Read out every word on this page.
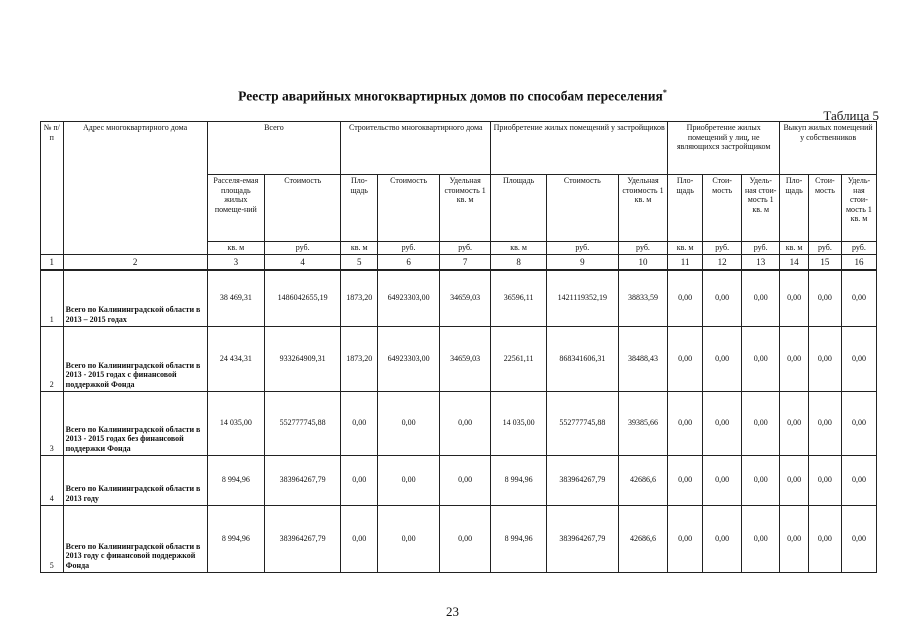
Реестр аварийных многоквартирных домов по способам переселения*
Таблица 5
№ п/п	Адрес многоквартирного дома	Всего		Строительство многоквартирного дома			Приобретение жилых помещений у застройщиков			Приобретение жилых помещений у лиц, не являющихся застройщиком			Выкуп жилых помещений у собственников		
		Расселя-емая площадь жилых помеще-ний	Стоимость	Пло-щадь	Стоимость	Удельная стоимость 1 кв. м	Площадь	Стоимость	Удельная стоимость 1 кв. м	Пло-щадь	Стои-мость	Удель-ная стои-мость 1 кв. м	Пло-щадь	Стои-мость	Удель-ная стои-мость 1 кв. м
		кв. м	руб.	кв. м	руб.	руб.	кв. м	руб.	руб.	кв. м	руб.	руб.	кв. м	руб.	руб.
1	2	3	4	5	6	7	8	9	10	11	12	13	14	15	16
1	Всего по Калининградской области в 2013 – 2015 годах	38 469,31	1486042655,19	1873,20	64923303,00	34659,03	36596,11	1421119352,19	38833,59	0,00	0,00	0,00	0,00	0,00	0,00
2	Всего по Калининградской области в 2013 - 2015 годах с финансовой поддержкой Фонда	24 434,31	933264909,31	1873,20	64923303,00	34659,03	22561,11	868341606,31	38488,43	0,00	0,00	0,00	0,00	0,00	0,00
3	Всего по Калининградской области в 2013 - 2015 годах без финансовой поддержки Фонда	14 035,00	552777745,88	0,00	0,00	0,00	14 035,00	552777745,88	39385,66	0,00	0,00	0,00	0,00	0,00	0,00
4	Всего по Калининградской области в 2013 году	8 994,96	383964267,79	0,00	0,00	0,00	8 994,96	383964267,79	42686,6	0,00	0,00	0,00	0,00	0,00	0,00
5	Всего по Калининградской области в 2013 году с финансовой поддержкой Фонда	8 994,96	383964267,79	0,00	0,00	0,00	8 994,96	383964267,79	42686,6	0,00	0,00	0,00	0,00	0,00	0,00
23
